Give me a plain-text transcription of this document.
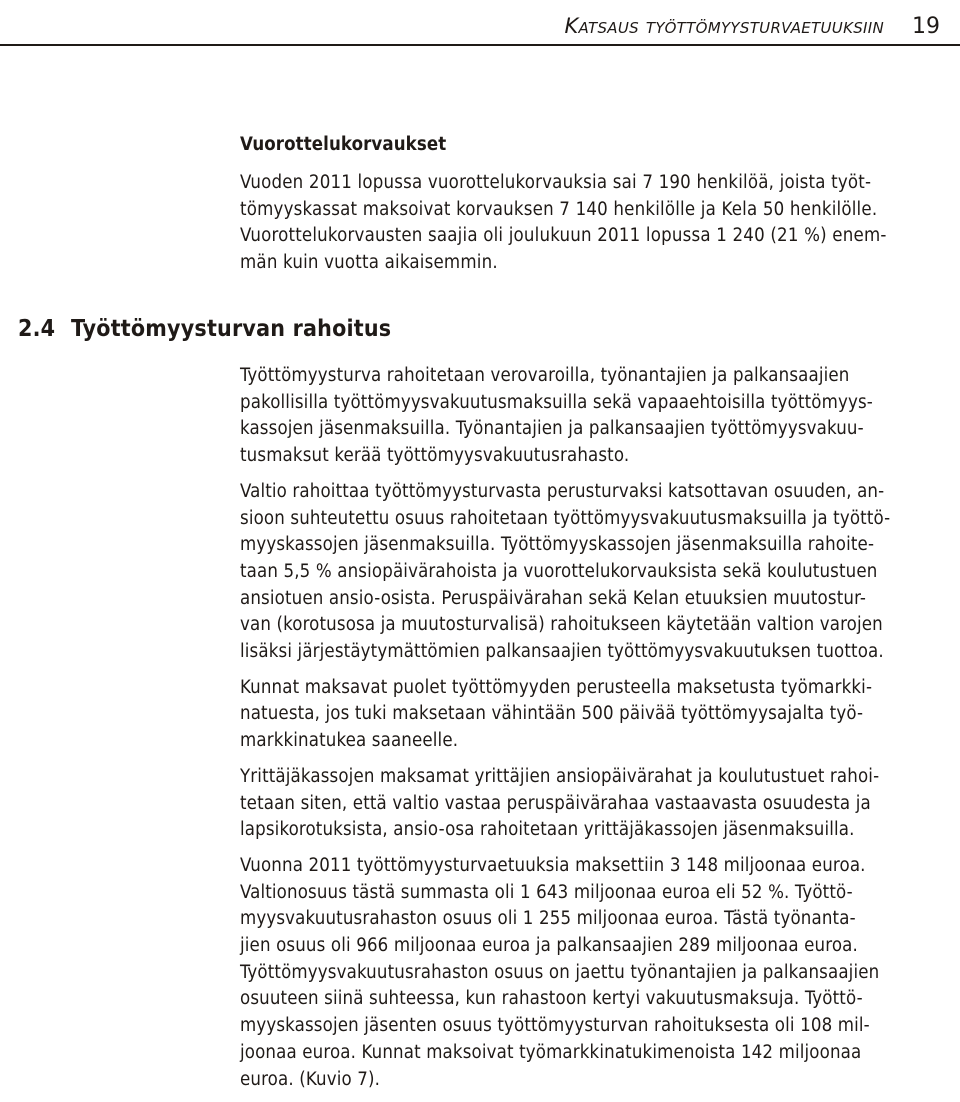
Katsaus työttömyysturvaetuuksiin 19
Vuorottelukorvaukset
Vuoden 2011 lopussa vuorottelukorvauksia sai 7 190 henkilöä, joista työt-
tömyyskassat maksoivat korvauksen 7 140 henkilölle ja Kela 50 henkilölle.
Vuorottelukorvausten saajia oli joulukuun 2011 lopussa 1 240 (21 %) enem-
män kuin vuotta aikaisemmin.
2.4 Työttömyysturvan rahoitus
Työttömyysturva rahoitetaan verovaroilla, työnantajien ja palkansaajien
pakollisilla työttömyysvakuutusmaksuilla sekä vapaaehtoisilla työttömyys-
kassojen jäsenmaksuilla. Työnantajien ja palkansaajien työttömyysvakuu-
tusmaksut kerää työttömyysvakuutusrahasto.
Valtio rahoittaa työttömyysturvasta perusturvaksi katsottavan osuuden, an-
sioon suhteutettu osuus rahoitetaan työttömyysvakuutusmaksuilla ja työttö-
myyskassojen jäsenmaksuilla. Työttömyyskassojen jäsenmaksuilla rahoite-
taan 5,5 % ansiopäivärahoista ja vuorottelukorvauksista sekä koulutustuen
ansiotuen ansio-osista. Peruspäivärahan sekä Kelan etuuksien muutostur-
van (korotusosa ja muutosturvalisä) rahoitukseen käytetään valtion varojen
lisäksi järjestäytymättömien palkansaajien työttömyysvakuutuksen tuottoa.
Kunnat maksavat puolet työttömyyden perusteella maksetusta työmarkki-
natuesta, jos tuki maksetaan vähintään 500 päivää työttömyysajalta työ-
markkinatukea saaneelle.
Yrittäjäkassojen maksamat yrittäjien ansiopäivärahat ja koulutustuet rahoi-
tetaan siten, että valtio vastaa peruspäivärahaa vastaavasta osuudesta ja
lapsikorotuksista, ansio-osa rahoitetaan yrittäjäkassojen jäsenmaksuilla.
Vuonna 2011 työttömyysturvaetuuksia maksettiin 3 148 miljoonaa euroa.
Valtionosuus tästä summasta oli 1 643 miljoonaa euroa eli 52 %. Työttö-
myysvakuutusrahaston osuus oli 1 255 miljoonaa euroa. Tästä työnanta-
jien osuus oli 966 miljoonaa euroa ja palkansaajien 289 miljoonaa euroa.
Työttömyysvakuutusrahaston osuus on jaettu työnantajien ja palkansaajien
osuuteen siinä suhteessa, kun rahastoon kertyi vakuutusmaksuja. Työttö-
myyskassojen jäsenten osuus työttömyysturvan rahoituksesta oli 108 mil-
joonaa euroa. Kunnat maksoivat työmarkkinatukimenoista 142 miljoonaa
euroa. (Kuvio 7).
